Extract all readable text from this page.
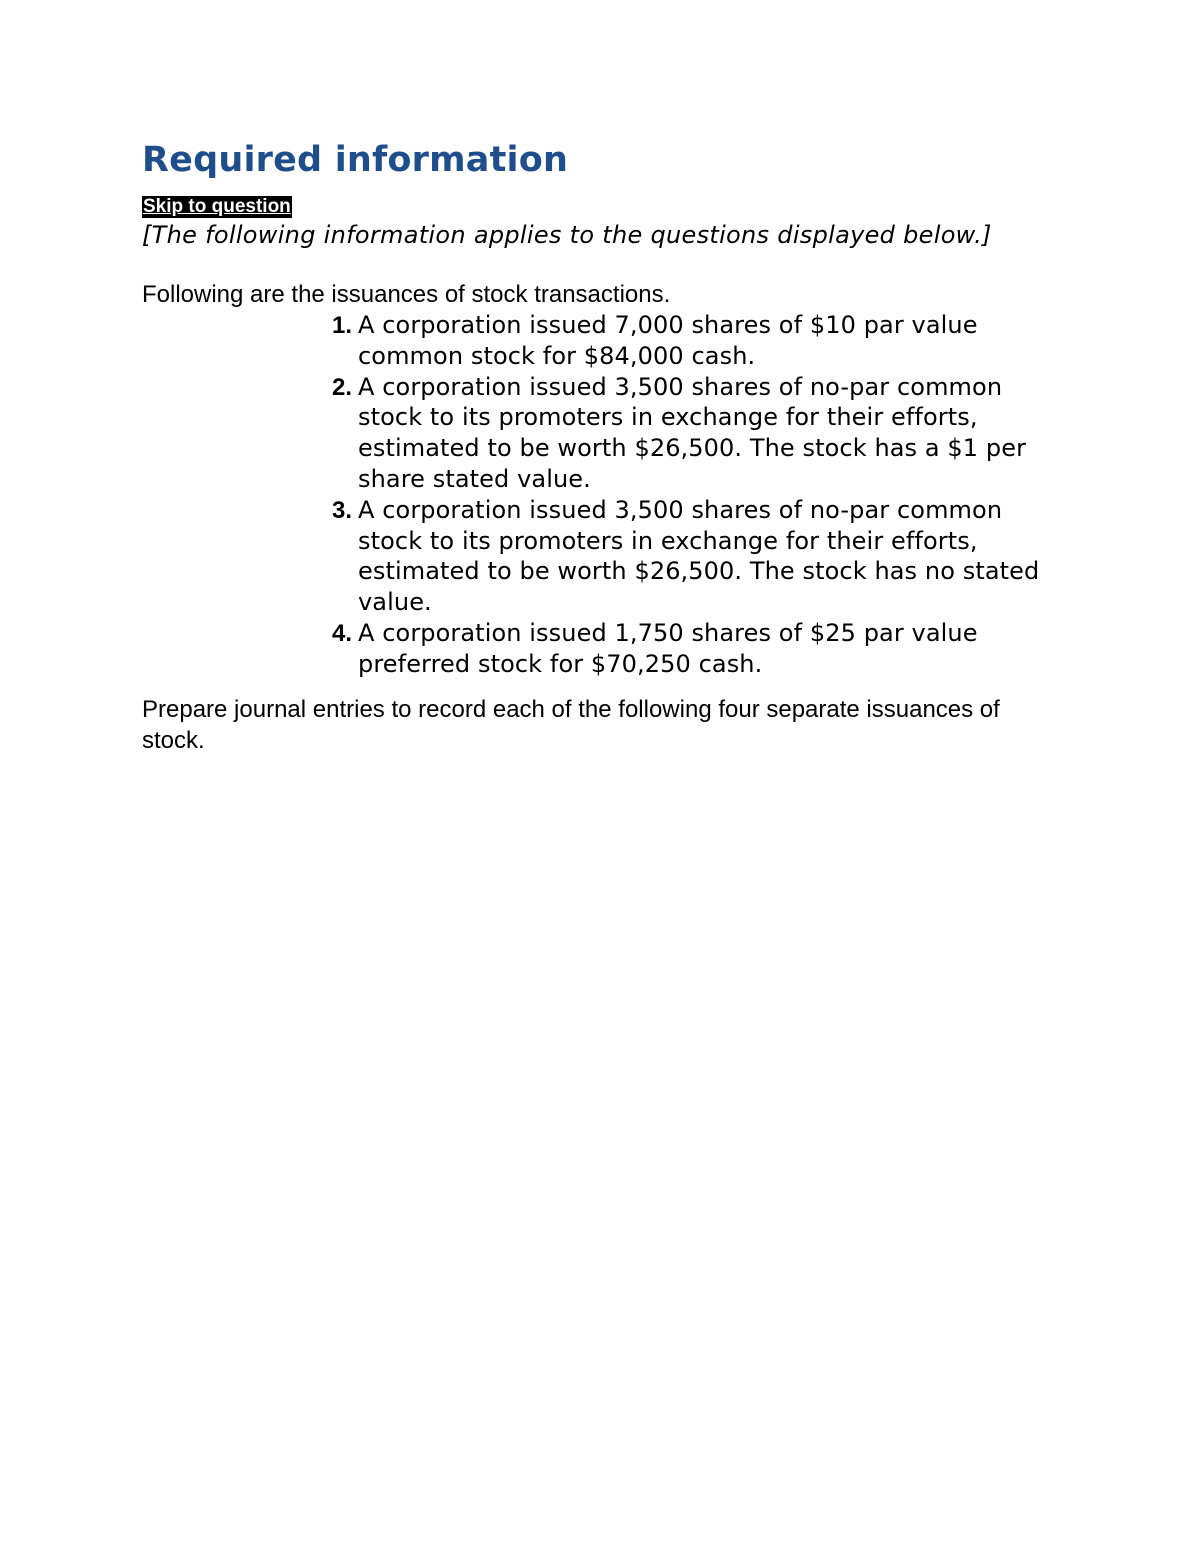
Required information
Skip to question

[The following information applies to the questions displayed below.]

Following are the issuances of stock transactions.

1. A corporation issued 7,000 shares of $10 par value common stock for $84,000 cash.
2. A corporation issued 3,500 shares of no-par common stock to its promoters in exchange for their efforts, estimated to be worth $26,500. The stock has a $1 per share stated value.
3. A corporation issued 3,500 shares of no-par common stock to its promoters in exchange for their efforts, estimated to be worth $26,500. The stock has no stated value.
4. A corporation issued 1,750 shares of $25 par value preferred stock for $70,250 cash.

Prepare journal entries to record each of the following four separate issuances of stock.
